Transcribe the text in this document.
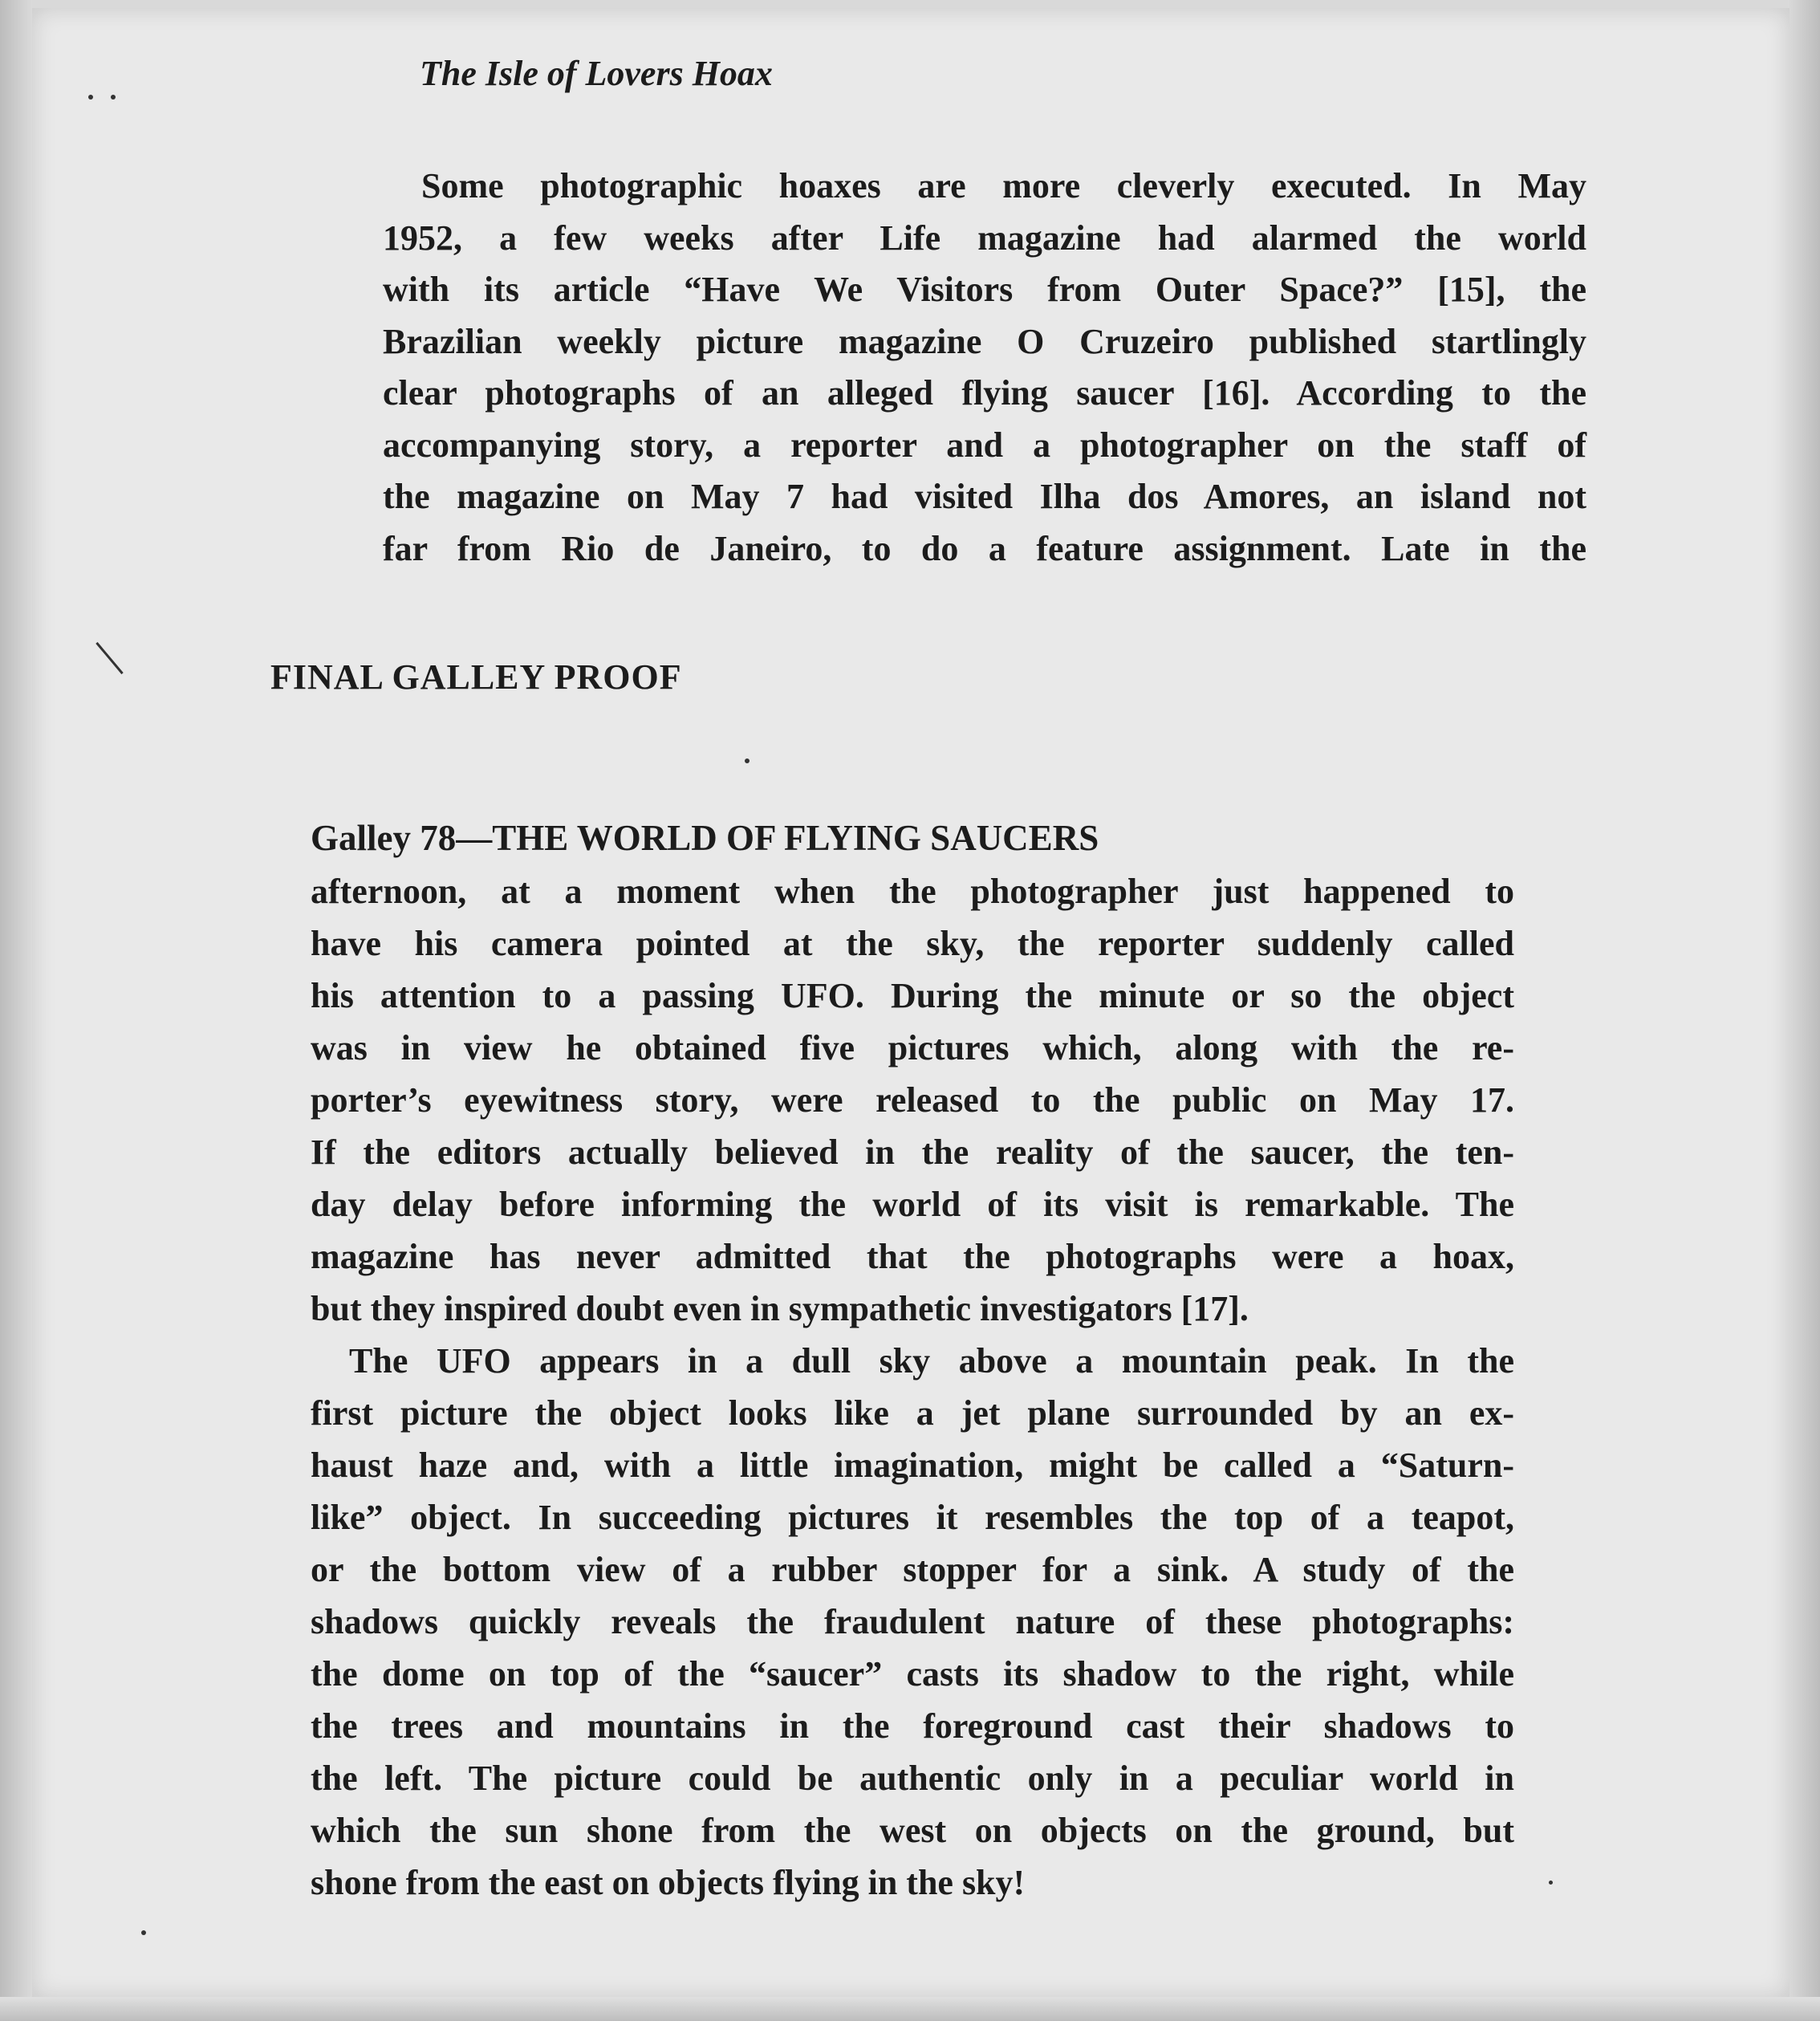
The Isle of Lovers Hoax
Some photographic hoaxes are more cleverly executed. In May
1952, a few weeks after Life magazine had alarmed the world
with its article “Have We Visitors from Outer Space?” [15], the
Brazilian weekly picture magazine O Cruzeiro published startlingly
clear photographs of an alleged flying saucer [16]. According to the
accompanying story, a reporter and a photographer on the staff of
the magazine on May 7 had visited Ilha dos Amores, an island not
far from Rio de Janeiro, to do a feature assignment. Late in the
FINAL GALLEY PROOF
Galley 78—THE WORLD OF FLYING SAUCERS
afternoon, at a moment when the photographer just happened to
have his camera pointed at the sky, the reporter suddenly called
his attention to a passing UFO. During the minute or so the object
was in view he obtained five pictures which, along with the re-
porter’s eyewitness story, were released to the public on May 17.
If the editors actually believed in the reality of the saucer, the ten-
day delay before informing the world of its visit is remarkable. The
magazine has never admitted that the photographs were a hoax,
but they inspired doubt even in sympathetic investigators [17].
The UFO appears in a dull sky above a mountain peak. In the
first picture the object looks like a jet plane surrounded by an ex-
haust haze and, with a little imagination, might be called a “Saturn-
like” object. In succeeding pictures it resembles the top of a teapot,
or the bottom view of a rubber stopper for a sink. A study of the
shadows quickly reveals the fraudulent nature of these photographs:
the dome on top of the “saucer” casts its shadow to the right, while
the trees and mountains in the foreground cast their shadows to
the left. The picture could be authentic only in a peculiar world in
which the sun shone from the west on objects on the ground, but
shone from the east on objects flying in the sky!
